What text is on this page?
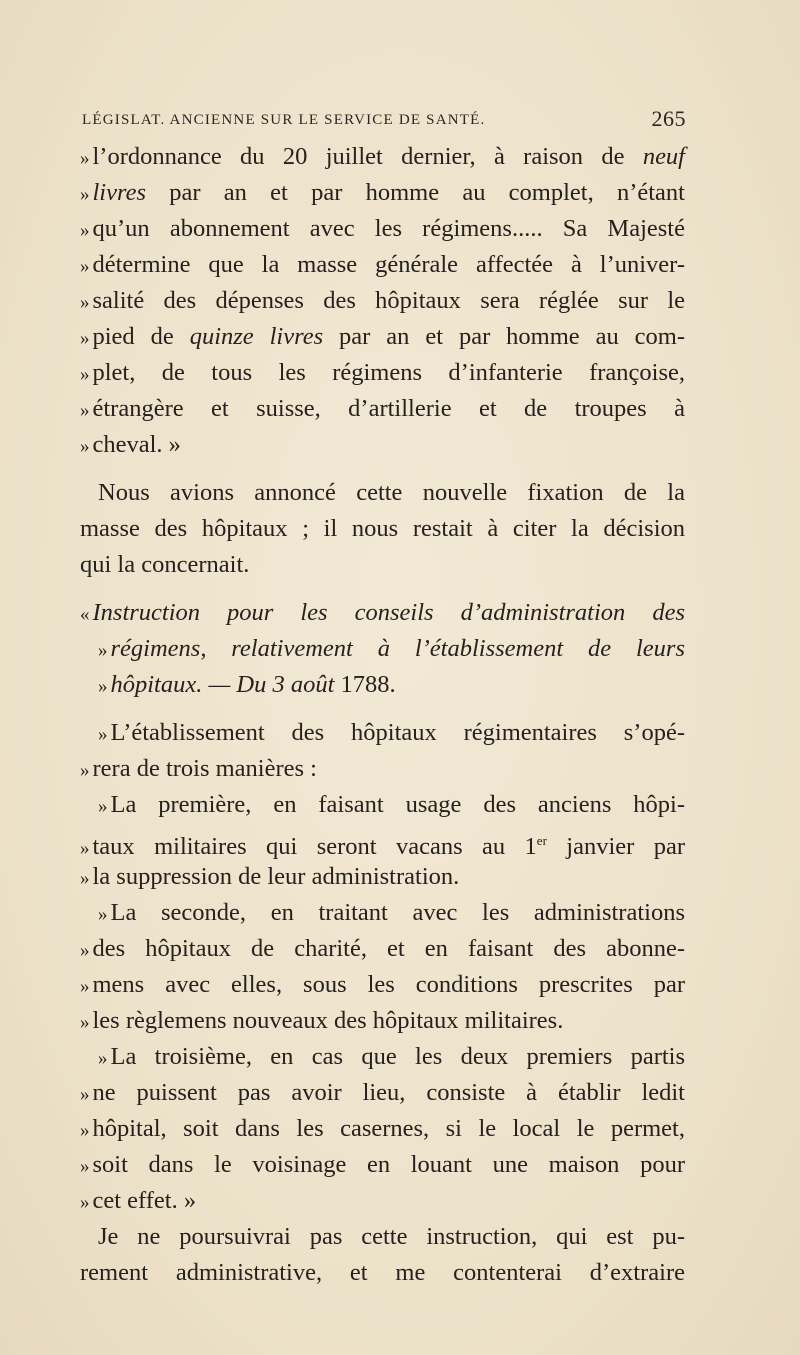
LÉGISLAT. ANCIENNE SUR LE SERVICE DE SANTÉ.	265
» l’ordonnance du 20 juillet dernier, à raison de neuf
» livres par an et par homme au complet, n’étant
» qu’un abonnement avec les régimens..... Sa Majesté
» détermine que la masse générale affectée à l’univer-
» salité des dépenses des hôpitaux sera réglée sur le
» pied de quinze livres par an et par homme au com-
» plet, de tous les régimens d’infanterie françoise,
» étrangère et suisse, d’artillerie et de troupes à
» cheval. »
Nous avions annoncé cette nouvelle fixation de la
masse des hôpitaux ; il nous restait à citer la décision
qui la concernait.
« Instruction pour les conseils d’administration des
» régimens, relativement à l’établissement de leurs
» hôpitaux. — Du 3 août 1788.
» L’établissement des hôpitaux régimentaires s’opé-
» rera de trois manières :
» La première, en faisant usage des anciens hôpi-
» taux militaires qui seront vacans au 1er janvier par
» la suppression de leur administration.
» La seconde, en traitant avec les administrations
» des hôpitaux de charité, et en faisant des abonne-
» mens avec elles, sous les conditions prescrites par
» les règlemens nouveaux des hôpitaux militaires.
» La troisième, en cas que les deux premiers partis
» ne puissent pas avoir lieu, consiste à établir ledit
» hôpital, soit dans les casernes, si le local le permet,
» soit dans le voisinage en louant une maison pour
» cet effet. »
Je ne poursuivrai pas cette instruction, qui est pu-
rement administrative, et me contenterai d’extraire
